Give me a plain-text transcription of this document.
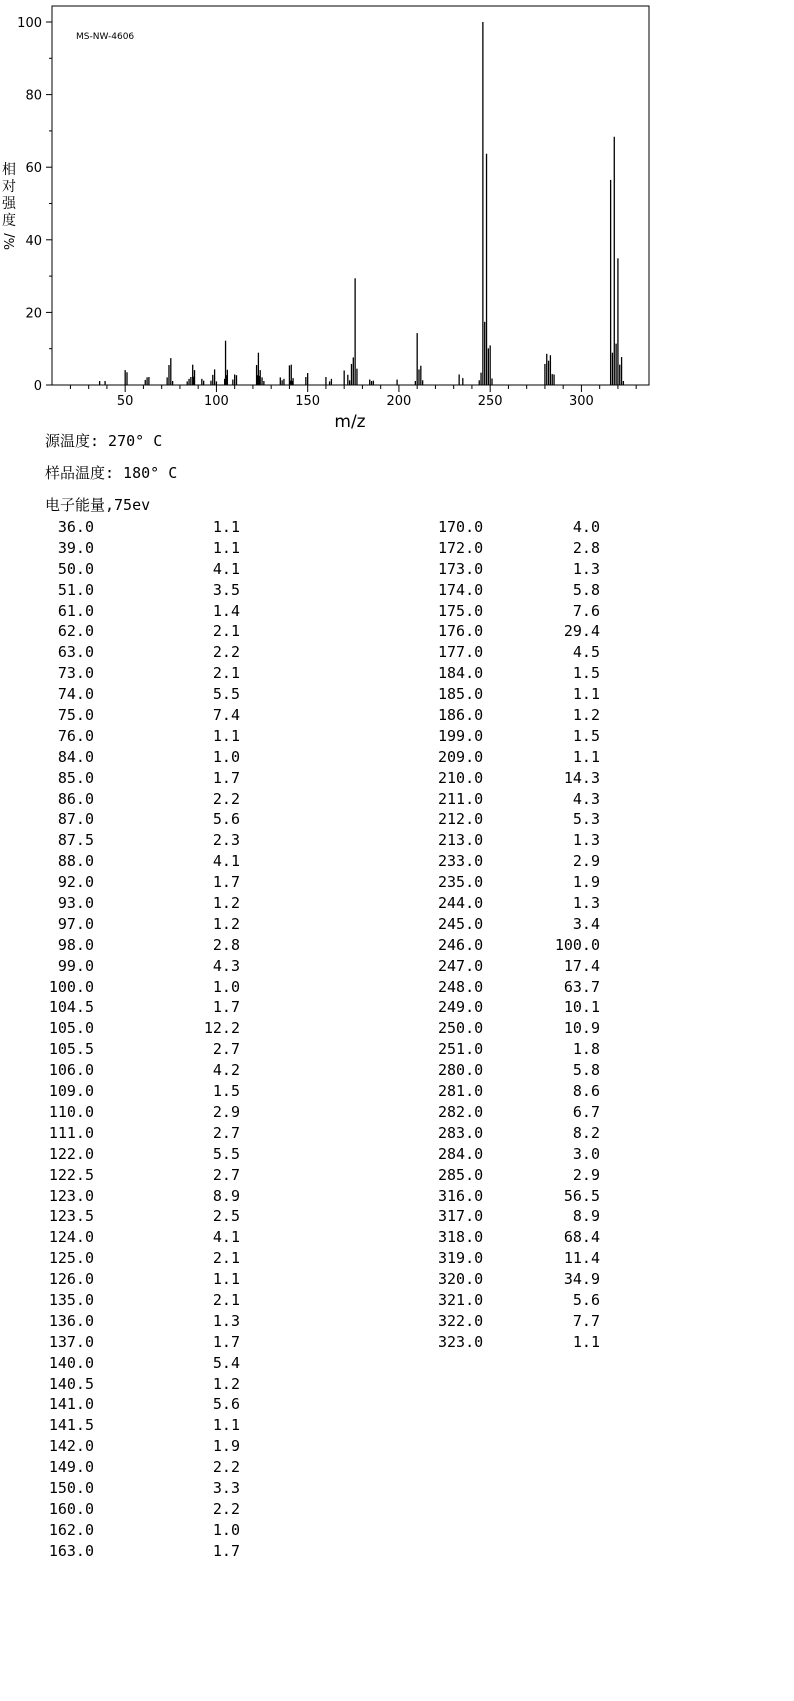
MS-NW-4606
0
20
40
60
80
100
50	100	150	200	250	300
相
对
强
度
%/
m/z
源温度: 270° C
样品温度: 180° C
电子能量,75ev
36.0	1.1
39.0	1.1
50.0	4.1
51.0	3.5
61.0	1.4
62.0	2.1
63.0	2.2
73.0	2.1
74.0	5.5
75.0	7.4
76.0	1.1
84.0	1.0
85.0	1.7
86.0	2.2
87.0	5.6
87.5	2.3
88.0	4.1
92.0	1.7
93.0	1.2
97.0	1.2
98.0	2.8
99.0	4.3
100.0	1.0
104.5	1.7
105.0	12.2
105.5	2.7
106.0	4.2
109.0	1.5
110.0	2.9
111.0	2.7
122.0	5.5
122.5	2.7
123.0	8.9
123.5	2.5
124.0	4.1
125.0	2.1
126.0	1.1
135.0	2.1
136.0	1.3
137.0	1.7
140.0	5.4
140.5	1.2
141.0	5.6
141.5	1.1
142.0	1.9
149.0	2.2
150.0	3.3
160.0	2.2
162.0	1.0
163.0	1.7
170.0	4.0
172.0	2.8
173.0	1.3
174.0	5.8
175.0	7.6
176.0	29.4
177.0	4.5
184.0	1.5
185.0	1.1
186.0	1.2
199.0	1.5
209.0	1.1
210.0	14.3
211.0	4.3
212.0	5.3
213.0	1.3
233.0	2.9
235.0	1.9
244.0	1.3
245.0	3.4
246.0	100.0
247.0	17.4
248.0	63.7
249.0	10.1
250.0	10.9
251.0	1.8
280.0	5.8
281.0	8.6
282.0	6.7
283.0	8.2
284.0	3.0
285.0	2.9
316.0	56.5
317.0	8.9
318.0	68.4
319.0	11.4
320.0	34.9
321.0	5.6
322.0	7.7
323.0	1.1
